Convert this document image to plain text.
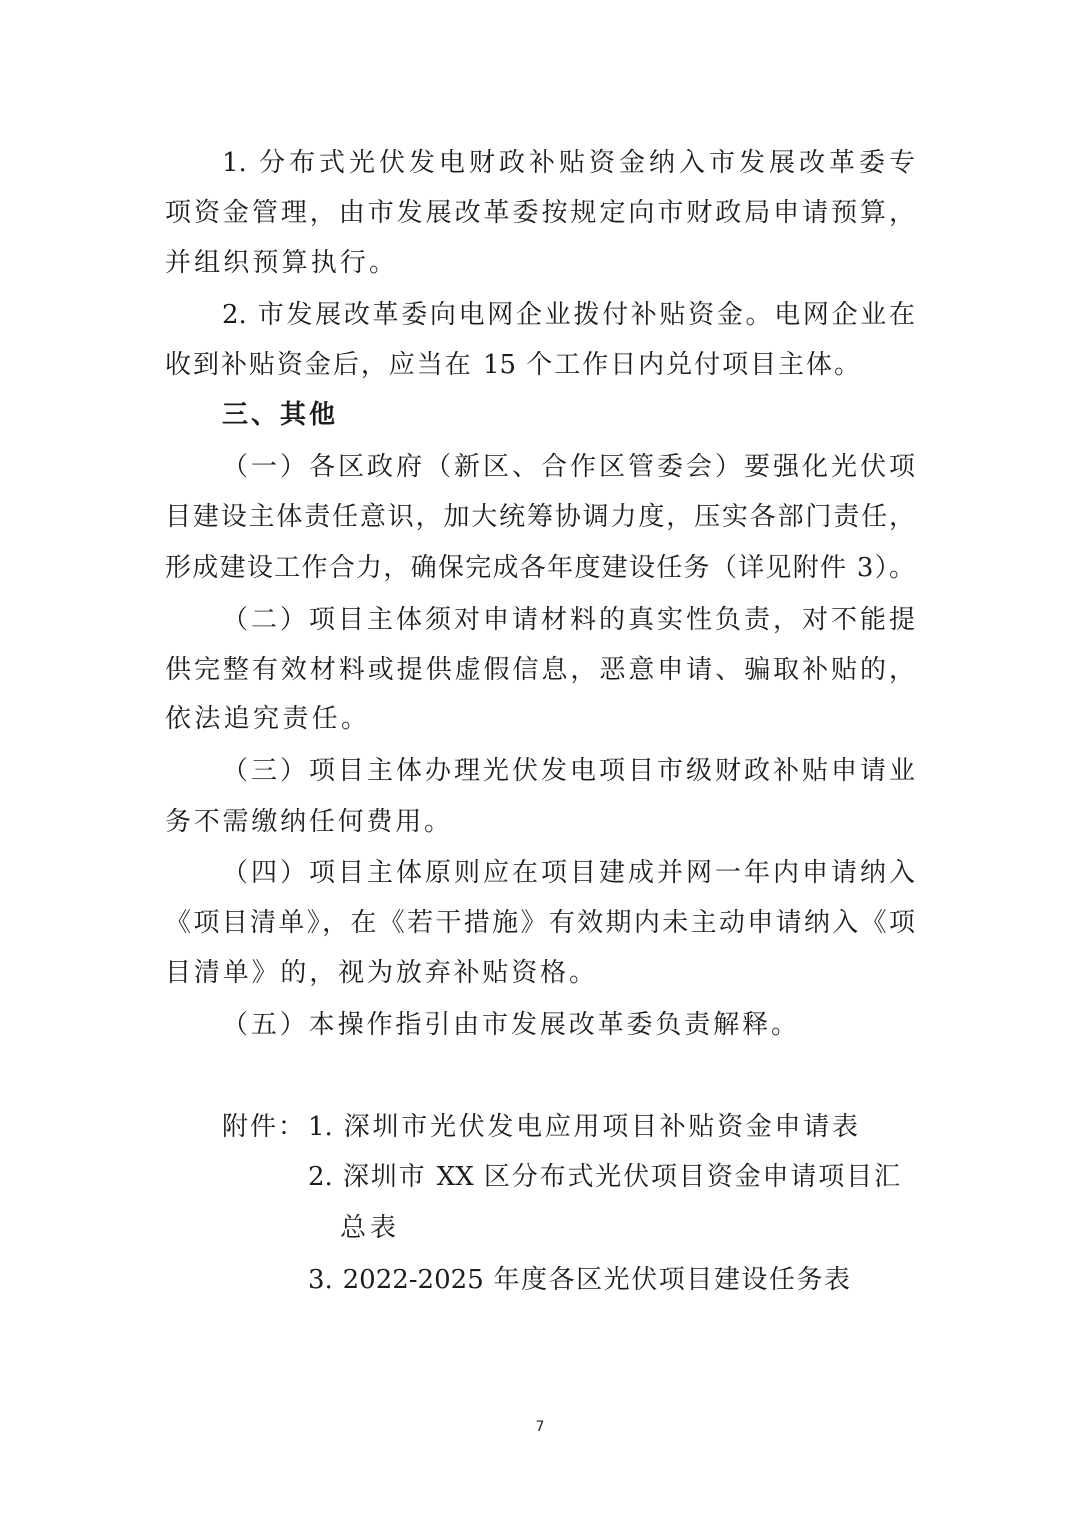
1. 分布式光伏发电财政补贴资金纳入市发展改革委专
项资金管理，由市发展改革委按规定向市财政局申请预算，
并组织预算执行。
2. 市发展改革委向电网企业拨付补贴资金。电网企业在
收到补贴资金后，应当在 15 个工作日内兑付项目主体。
三、其他
（一）各区政府（新区、合作区管委会）要强化光伏项
目建设主体责任意识，加大统筹协调力度，压实各部门责任，
形成建设工作合力，确保完成各年度建设任务（详见附件 3）。
（二）项目主体须对申请材料的真实性负责，对不能提
供完整有效材料或提供虚假信息，恶意申请、骗取补贴的，
依法追究责任。
（三）项目主体办理光伏发电项目市级财政补贴申请业
务不需缴纳任何费用。
（四）项目主体原则应在项目建成并网一年内申请纳入
《项目清单》，在《若干措施》有效期内未主动申请纳入《项
目清单》的，视为放弃补贴资格。
（五）本操作指引由市发展改革委负责解释。
附件： 1. 深圳市光伏发电应用项目补贴资金申请表
2. 深圳市 XX 区分布式光伏项目资金申请项目汇
总表
3. 2022-2025 年度各区光伏项目建设任务表
7
